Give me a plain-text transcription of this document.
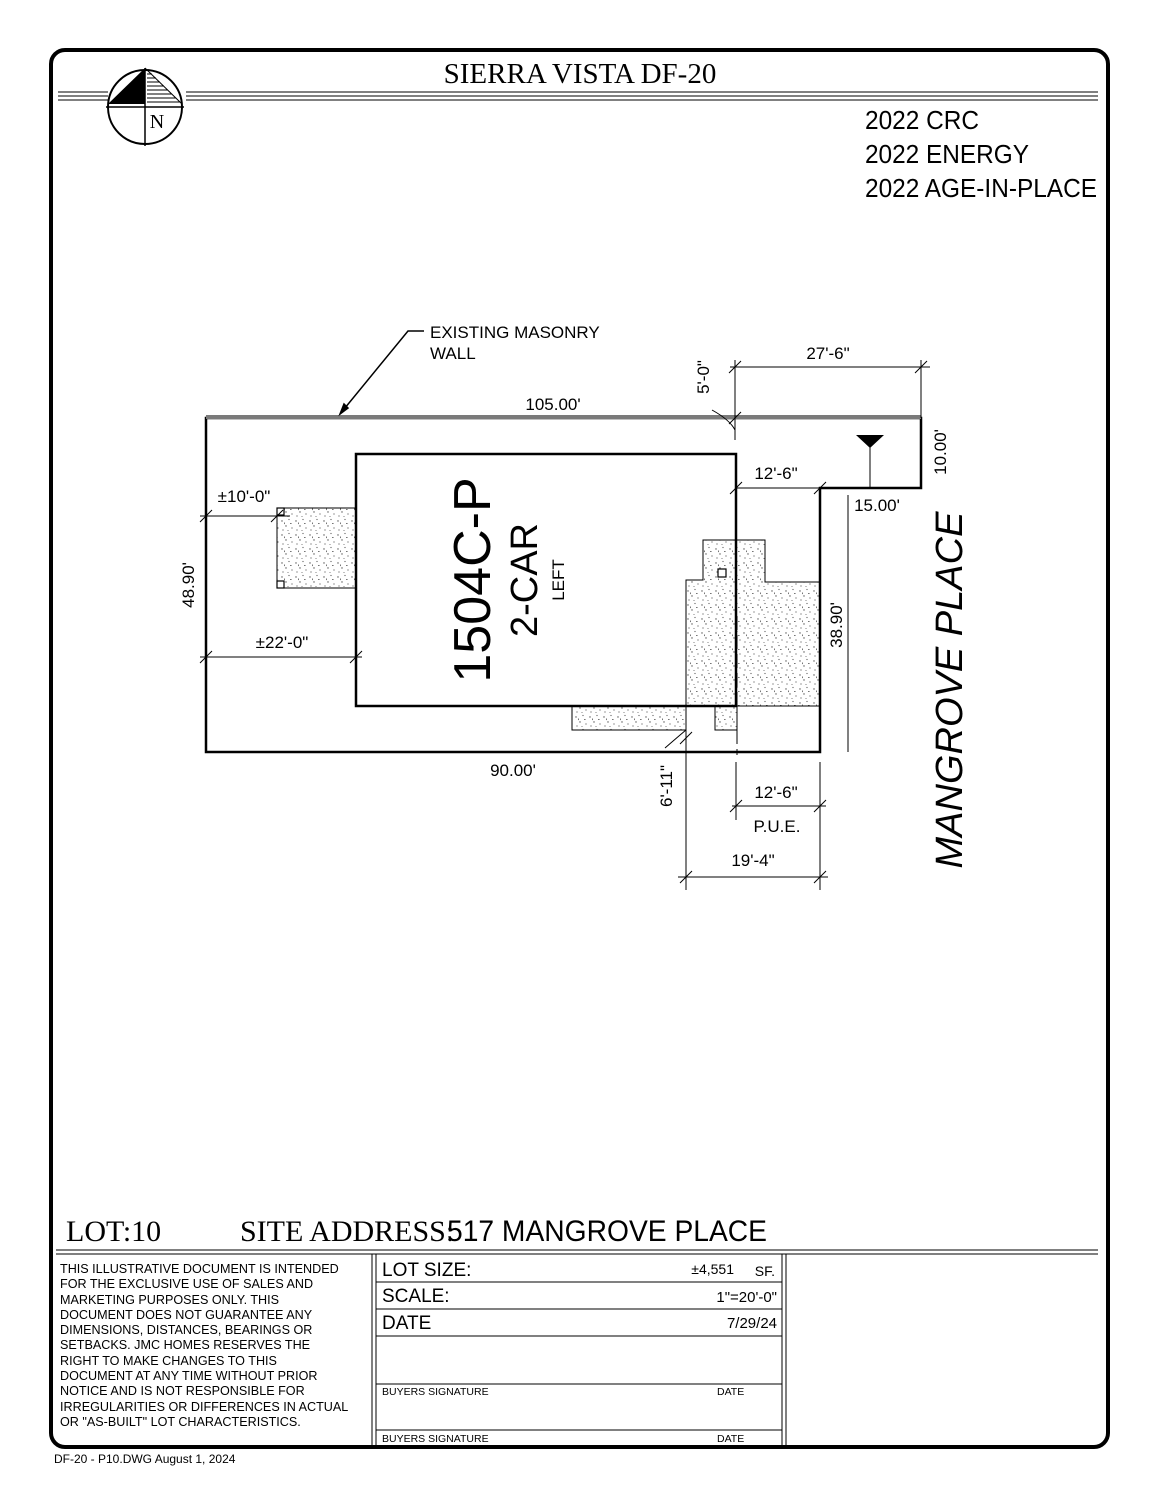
SIERRA VISTA DF-20
N	2022 CRC
2022 ENERGY
2022 AGE-IN-PLACE
1504C-P 2-CAR LEFT	MANGROVE PLACE
EXISTING MASONRY
WALL
105.00'
90.00'
48.90'
38.90'
10.00'
15.00'
27'-6"
5'-0"
12'-6"
±10'-0"
±22'-0"
6'-11"	12'-6"
P.U.E.
19'-4"
LOT:10	SITE ADDRESS:
517 MANGROVE PLACE
LOT SIZE:	±4,551 SF.
SCALE:	1"=20'-0"
DATE	7/29/24
BUYERS SIGNATURE	DATE
BUYERS SIGNATURE	DATE
DF-20 - P10.DWG August 1, 2024
THIS ILLUSTRATIVE DOCUMENT IS INTENDED
FOR THE EXCLUSIVE USE OF SALES AND
MARKETING PURPOSES ONLY. THIS
DOCUMENT DOES NOT GUARANTEE ANY
DIMENSIONS, DISTANCES, BEARINGS OR
SETBACKS. JMC HOMES RESERVES THE
RIGHT TO MAKE CHANGES TO THIS
DOCUMENT AT ANY TIME WITHOUT PRIOR
NOTICE AND IS NOT RESPONSIBLE FOR
IRREGULARITIES OR DIFFERENCES IN ACTUAL
OR "AS-BUILT" LOT CHARACTERISTICS.
